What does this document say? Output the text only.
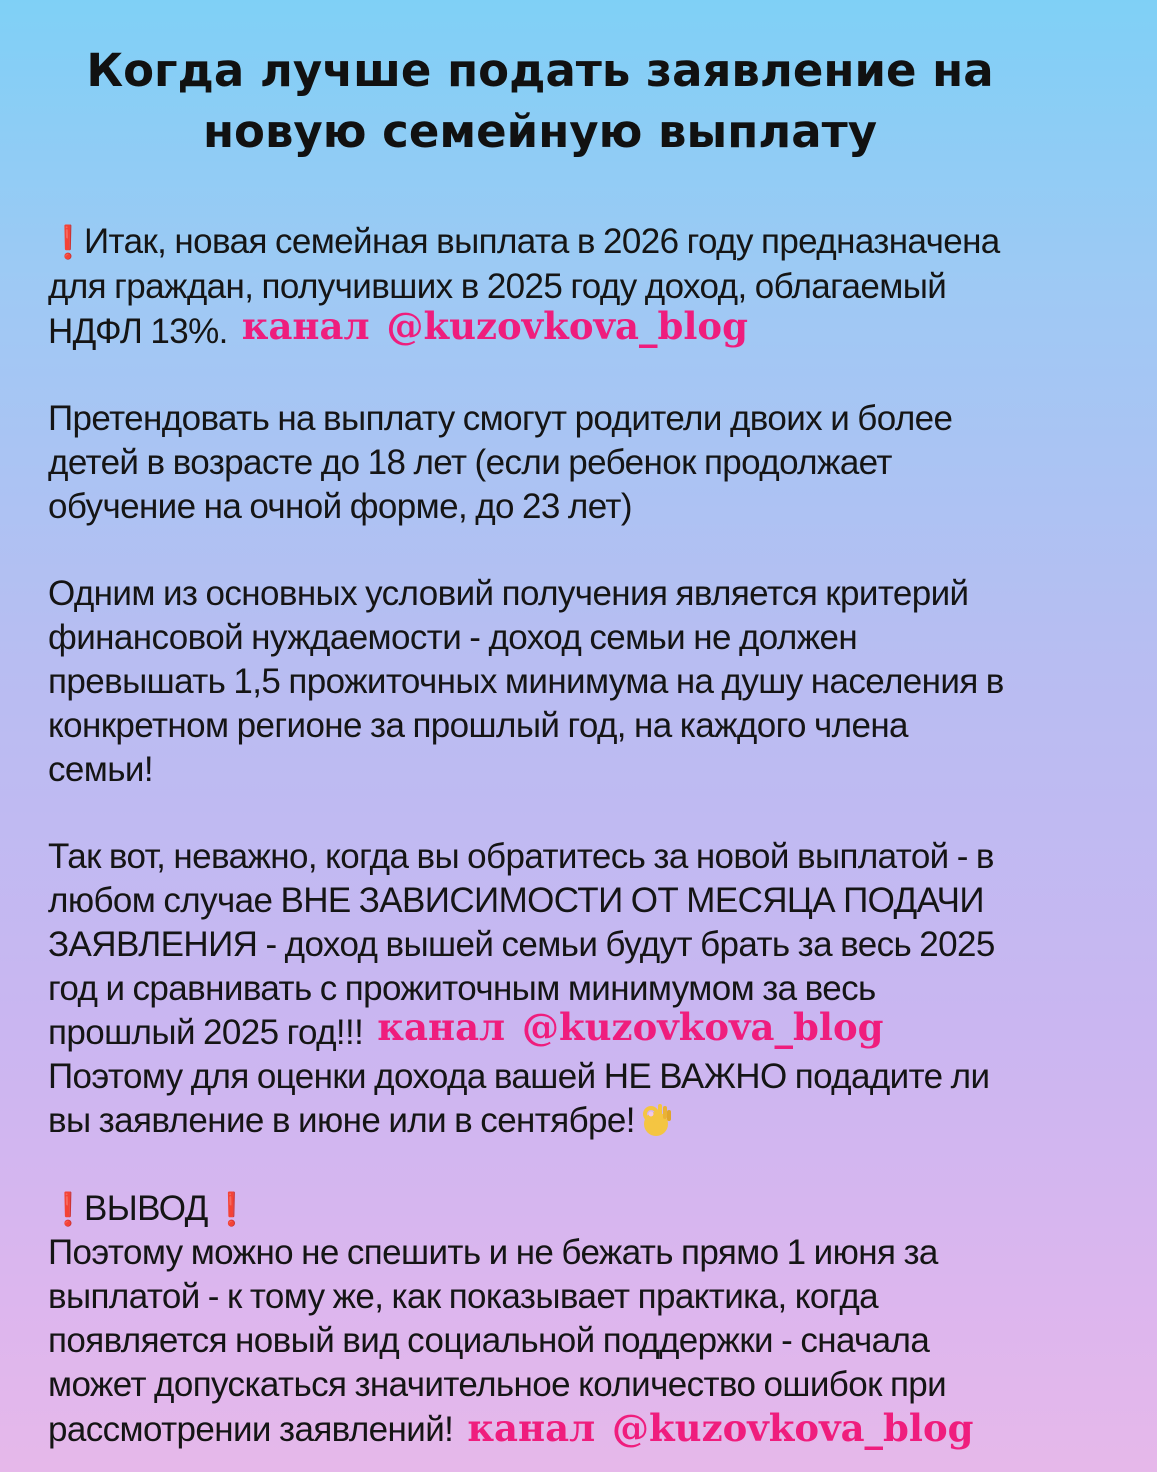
Когда лучше подать заявление на
новую семейную выплату
❗Итак, новая семейная выплата в 2026 году предназначена
для граждан, получивших в 2025 году доход, облагаемый
НДФЛ 13%. канал @kuzovkova_blog
Претендовать на выплату смогут родители двоих и более
детей в возрасте до 18 лет (если ребенок продолжает
обучение на очной форме, до 23 лет)
Одним из основных условий получения является критерий
финансовой нуждаемости - доход семьи не должен
превышать 1,5 прожиточных минимума на душу населения в
конкретном регионе за прошлый год, на каждого члена
семьи!
Так вот, неважно, когда вы обратитесь за новой выплатой - в
любом случае ВНЕ ЗАВИСИМОСТИ ОТ МЕСЯЦА ПОДАЧИ
ЗАЯВЛЕНИЯ - доход вышей семьи будут брать за весь 2025
год и сравнивать с прожиточным минимумом за весь
прошлый 2025 год!!! канал @kuzovkova_blog
Поэтому для оценки дохода вашей НЕ ВАЖНО подадите ли
вы заявление в июне или в сентябре!
❗ВЫВОД ❗
Поэтому можно не спешить и не бежать прямо 1 июня за
выплатой - к тому же, как показывает практика, когда
появляется новый вид социальной поддержки - сначала
может допускаться значительное количество ошибок при
рассмотрении заявлений! канал @kuzovkova_blog
